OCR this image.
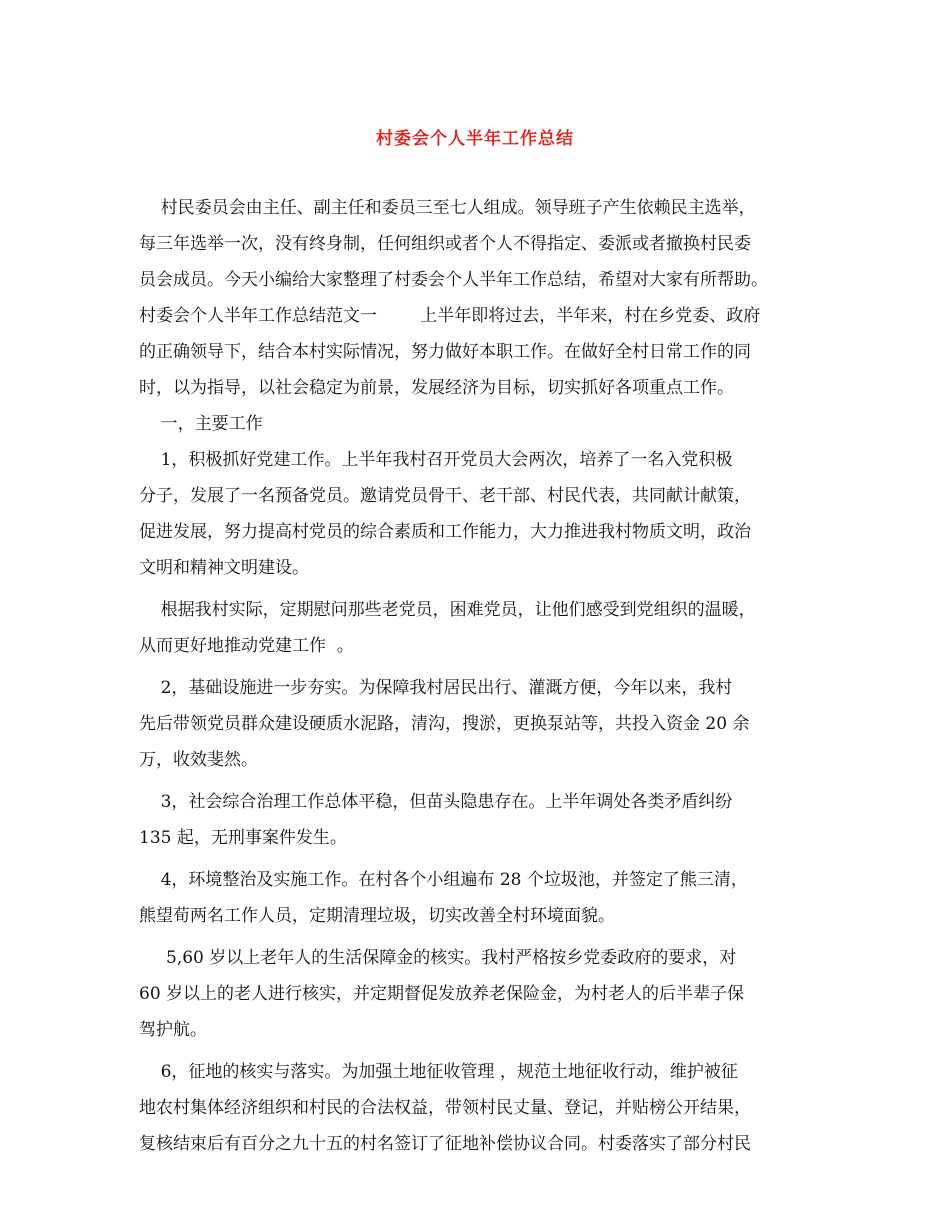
村委会个人半年工作总结
村民委员会由主任、副主任和委员三至七人组成。领导班子产生依赖民主选举，
每三年选举一次，没有终身制，任何组织或者个人不得指定、委派或者撤换村民委
员会成员。今天小编给大家整理了村委会个人半年工作总结，希望对大家有所帮助。
村委会个人半年工作总结范文一        上半年即将过去，半年来，村在乡党委、政府
的正确领导下，结合本村实际情况，努力做好本职工作。在做好全村日常工作的同
时，以为指导，以社会稳定为前景，发展经济为目标，切实抓好各项重点工作。
一，主要工作
1，积极抓好党建工作。上半年我村召开党员大会两次，培养了一名入党积极
分子，发展了一名预备党员。邀请党员骨干、老干部、村民代表，共同献计献策，
促进发展，努力提高村党员的综合素质和工作能力，大力推进我村物质文明，政治
文明和精神文明建设。
根据我村实际，定期慰问那些老党员，困难党员，让他们感受到党组织的温暖，
从而更好地推动党建工作  。
2，基础设施进一步夯实。为保障我村居民出行、灌溉方便，今年以来，我村
先后带领党员群众建设硬质水泥路，清沟，搜淤，更换泵站等，共投入资金 20 余
万，收效斐然。
3，社会综合治理工作总体平稳，但苗头隐患存在。上半年调处各类矛盾纠纷
135 起，无刑事案件发生。
4，环境整治及实施工作。在村各个小组遍布 28 个垃圾池，并签定了熊三清，
熊望荀两名工作人员，定期清理垃圾，切实改善全村环境面貌。
5,60 岁以上老年人的生活保障金的核实。我村严格按乡党委政府的要求，对
60 岁以上的老人进行核实，并定期督促发放养老保险金，为村老人的后半辈子保
驾护航。
6，征地的核实与落实。为加强土地征收管理 ，规范土地征收行动，维护被征
地农村集体经济组织和村民的合法权益，带领村民丈量、登记，并贴榜公开结果，
复核结束后有百分之九十五的村名签订了征地补偿协议合同。村委落实了部分村民
